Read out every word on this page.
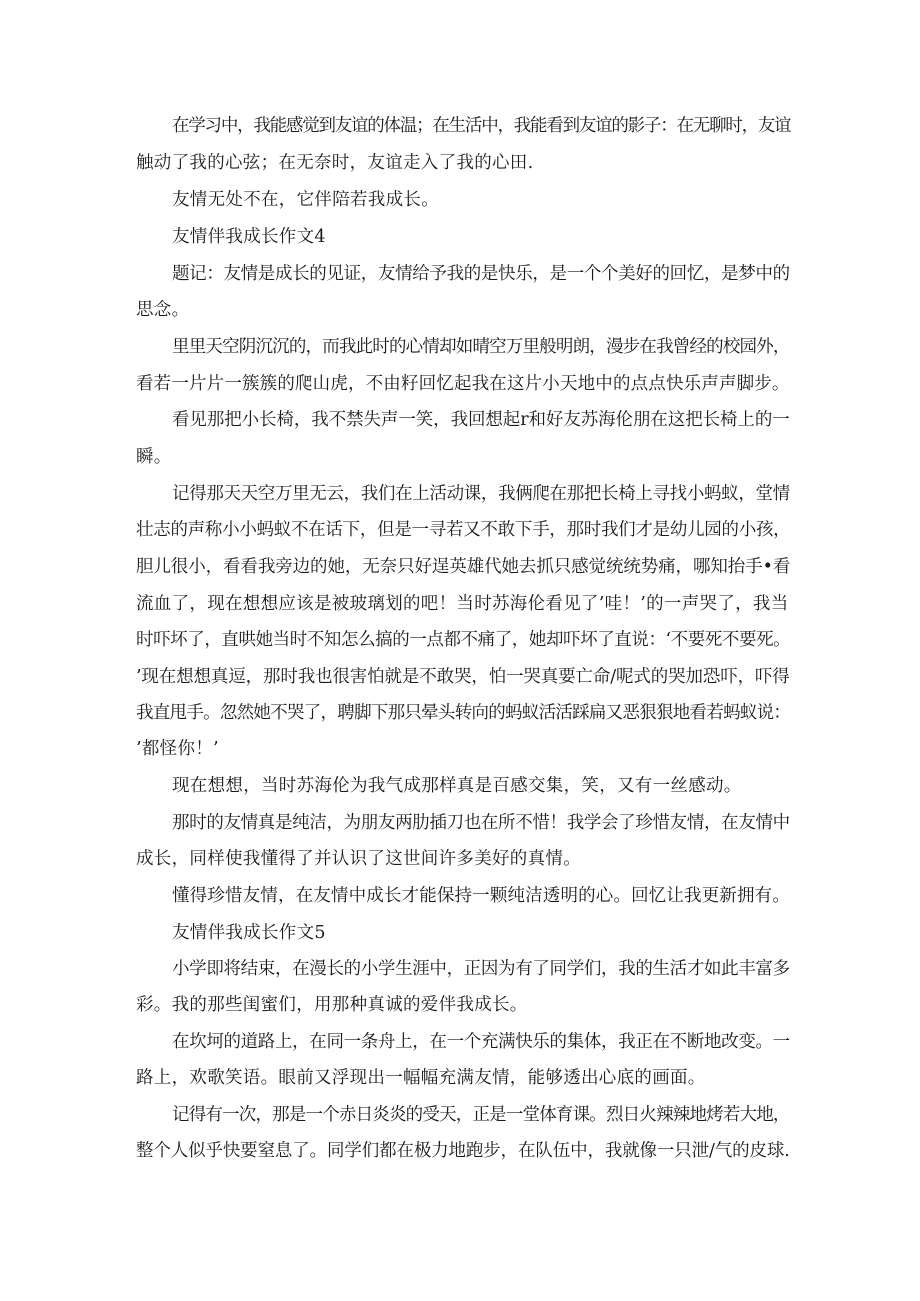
在学习中，我能感觉到友谊的体温；在生活中，我能看到友谊的影子：在无聊时，友谊
触动了我的心弦；在无奈时，友谊走入了我的心田.
友情无处不在，它伴陪若我成长。
友情伴我成长作文4
题记：友情是成长的见证，友情给予我的是快乐，是一个个美好的回忆，是梦中的
思念。
里里天空阴沉沉的，而我此时的心情却如晴空万里般明朗，漫步在我曾经的校园外，
看若一片片一簇簇的爬山虎，不由籽回忆起我在这片小天地中的点点快乐声声脚步。
看见那把小长椅，我不禁失声一笑，我回想起r和好友苏海伦朋在这把长椅上的一
瞬。
记得那天天空万里无云，我们在上活动课，我俩爬在那把长椅上寻找小蚂蚁，堂情
壮志的声称小小蚂蚁不在话下，但是一寻若又不敢下手，那时我们才是幼儿园的小孩，
胆儿很小，看看我旁边的她，无奈只好逞英雄代她去抓只感觉统统势痛，哪知抬手•看
流血了，现在想想应该是被玻璃划的吧！当时苏海伦看见了’哇！’的一声哭了，我当
时吓坏了，直哄她当时不知怎么搞的一点都不痛了，她却吓坏了直说：‘不要死不要死。
’现在想想真逗，那时我也很害怕就是不敢哭，怕一哭真要亡命/呢式的哭加恐吓，吓得
我直甩手。忽然她不哭了，聘脚下那只晕头转向的蚂蚁活活踩扁又恶狠狠地看若蚂蚁说：
’都怪你！’
现在想想，当时苏海伦为我气成那样真是百感交集，笑，又有一丝感动。
那时的友情真是纯洁，为朋友两肋插刀也在所不惜！我学会了珍惜友情，在友情中
成长，同样使我懂得了并认识了这世间许多美好的真情。
懂得珍惜友情，在友情中成长才能保持一颗纯洁透明的心。回忆让我更新拥有。
友情伴我成长作文5
小学即将结束，在漫长的小学生涯中，正因为有了同学们，我的生活才如此丰富多
彩。我的那些闺蜜们，用那种真诚的爱伴我成长。
在坎坷的道路上，在同一条舟上，在一个充满快乐的集体，我正在不断地改变。一
路上，欢歌笑语。眼前又浮现出一幅幅充满友情，能够透出心底的画面。
记得有一次，那是一个赤日炎炎的受天，正是一堂体育课。烈日火辣辣地烤若大地，
整个人似乎快要窒息了。同学们都在极力地跑步，在队伍中，我就像一只泄/气的皮球.
